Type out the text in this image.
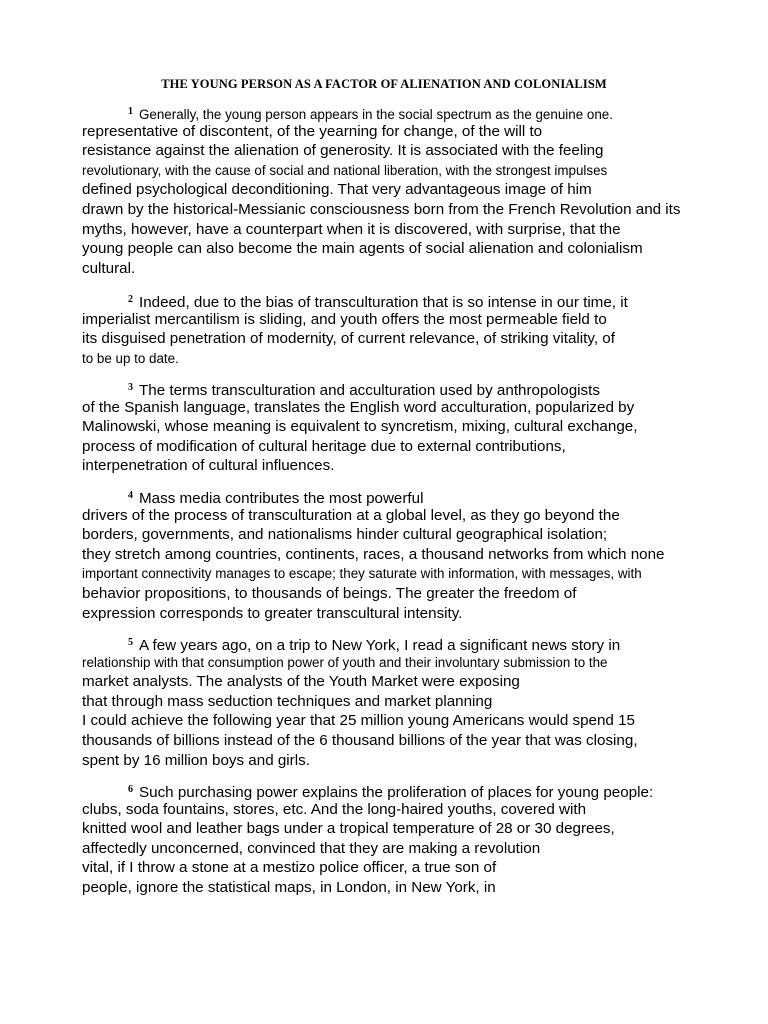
THE YOUNG PERSON AS A FACTOR OF ALIENATION AND COLONIALISM
$^1$ Generally, the young person appears in the social spectrum as the genuine one.
representative of discontent, of the yearning for change, of the will to
resistance against the alienation of generosity. It is associated with the feeling
revolutionary, with the cause of social and national liberation, with the strongest impulses
defined psychological deconditioning. That very advantageous image of him
drawn by the historical-Messianic consciousness born from the French Revolution and its
myths, however, have a counterpart when it is discovered, with surprise, that the
young people can also become the main agents of social alienation and colonialism
cultural.
$^2$ Indeed, due to the bias of transculturation that is so intense in our time, it
imperialist mercantilism is sliding, and youth offers the most permeable field to
its disguised penetration of modernity, of current relevance, of striking vitality, of
to be up to date.
$^3$ The terms transculturation and acculturation used by anthropologists
of the Spanish language, translates the English word acculturation, popularized by
Malinowski, whose meaning is equivalent to syncretism, mixing, cultural exchange,
process of modification of cultural heritage due to external contributions,
interpenetration of cultural influences.
$^4$ Mass media contributes the most powerful
drivers of the process of transculturation at a global level, as they go beyond the
borders, governments, and nationalisms hinder cultural geographical isolation;
they stretch among countries, continents, races, a thousand networks from which none
important connectivity manages to escape; they saturate with information, with messages, with
behavior propositions, to thousands of beings. The greater the freedom of
expression corresponds to greater transcultural intensity.
$^5$ A few years ago, on a trip to New York, I read a significant news story in
relationship with that consumption power of youth and their involuntary submission to the
market analysts. The analysts of the Youth Market were exposing
that through mass seduction techniques and market planning
I could achieve the following year that 25 million young Americans would spend 15
thousands of billions instead of the 6 thousand billions of the year that was closing,
spent by 16 million boys and girls.
$^6$ Such purchasing power explains the proliferation of places for young people:
clubs, soda fountains, stores, etc. And the long-haired youths, covered with
knitted wool and leather bags under a tropical temperature of 28 or 30 degrees,
affectedly unconcerned, convinced that they are making a revolution
vital, if I throw a stone at a mestizo police officer, a true son of
people, ignore the statistical maps, in London, in New York, in
